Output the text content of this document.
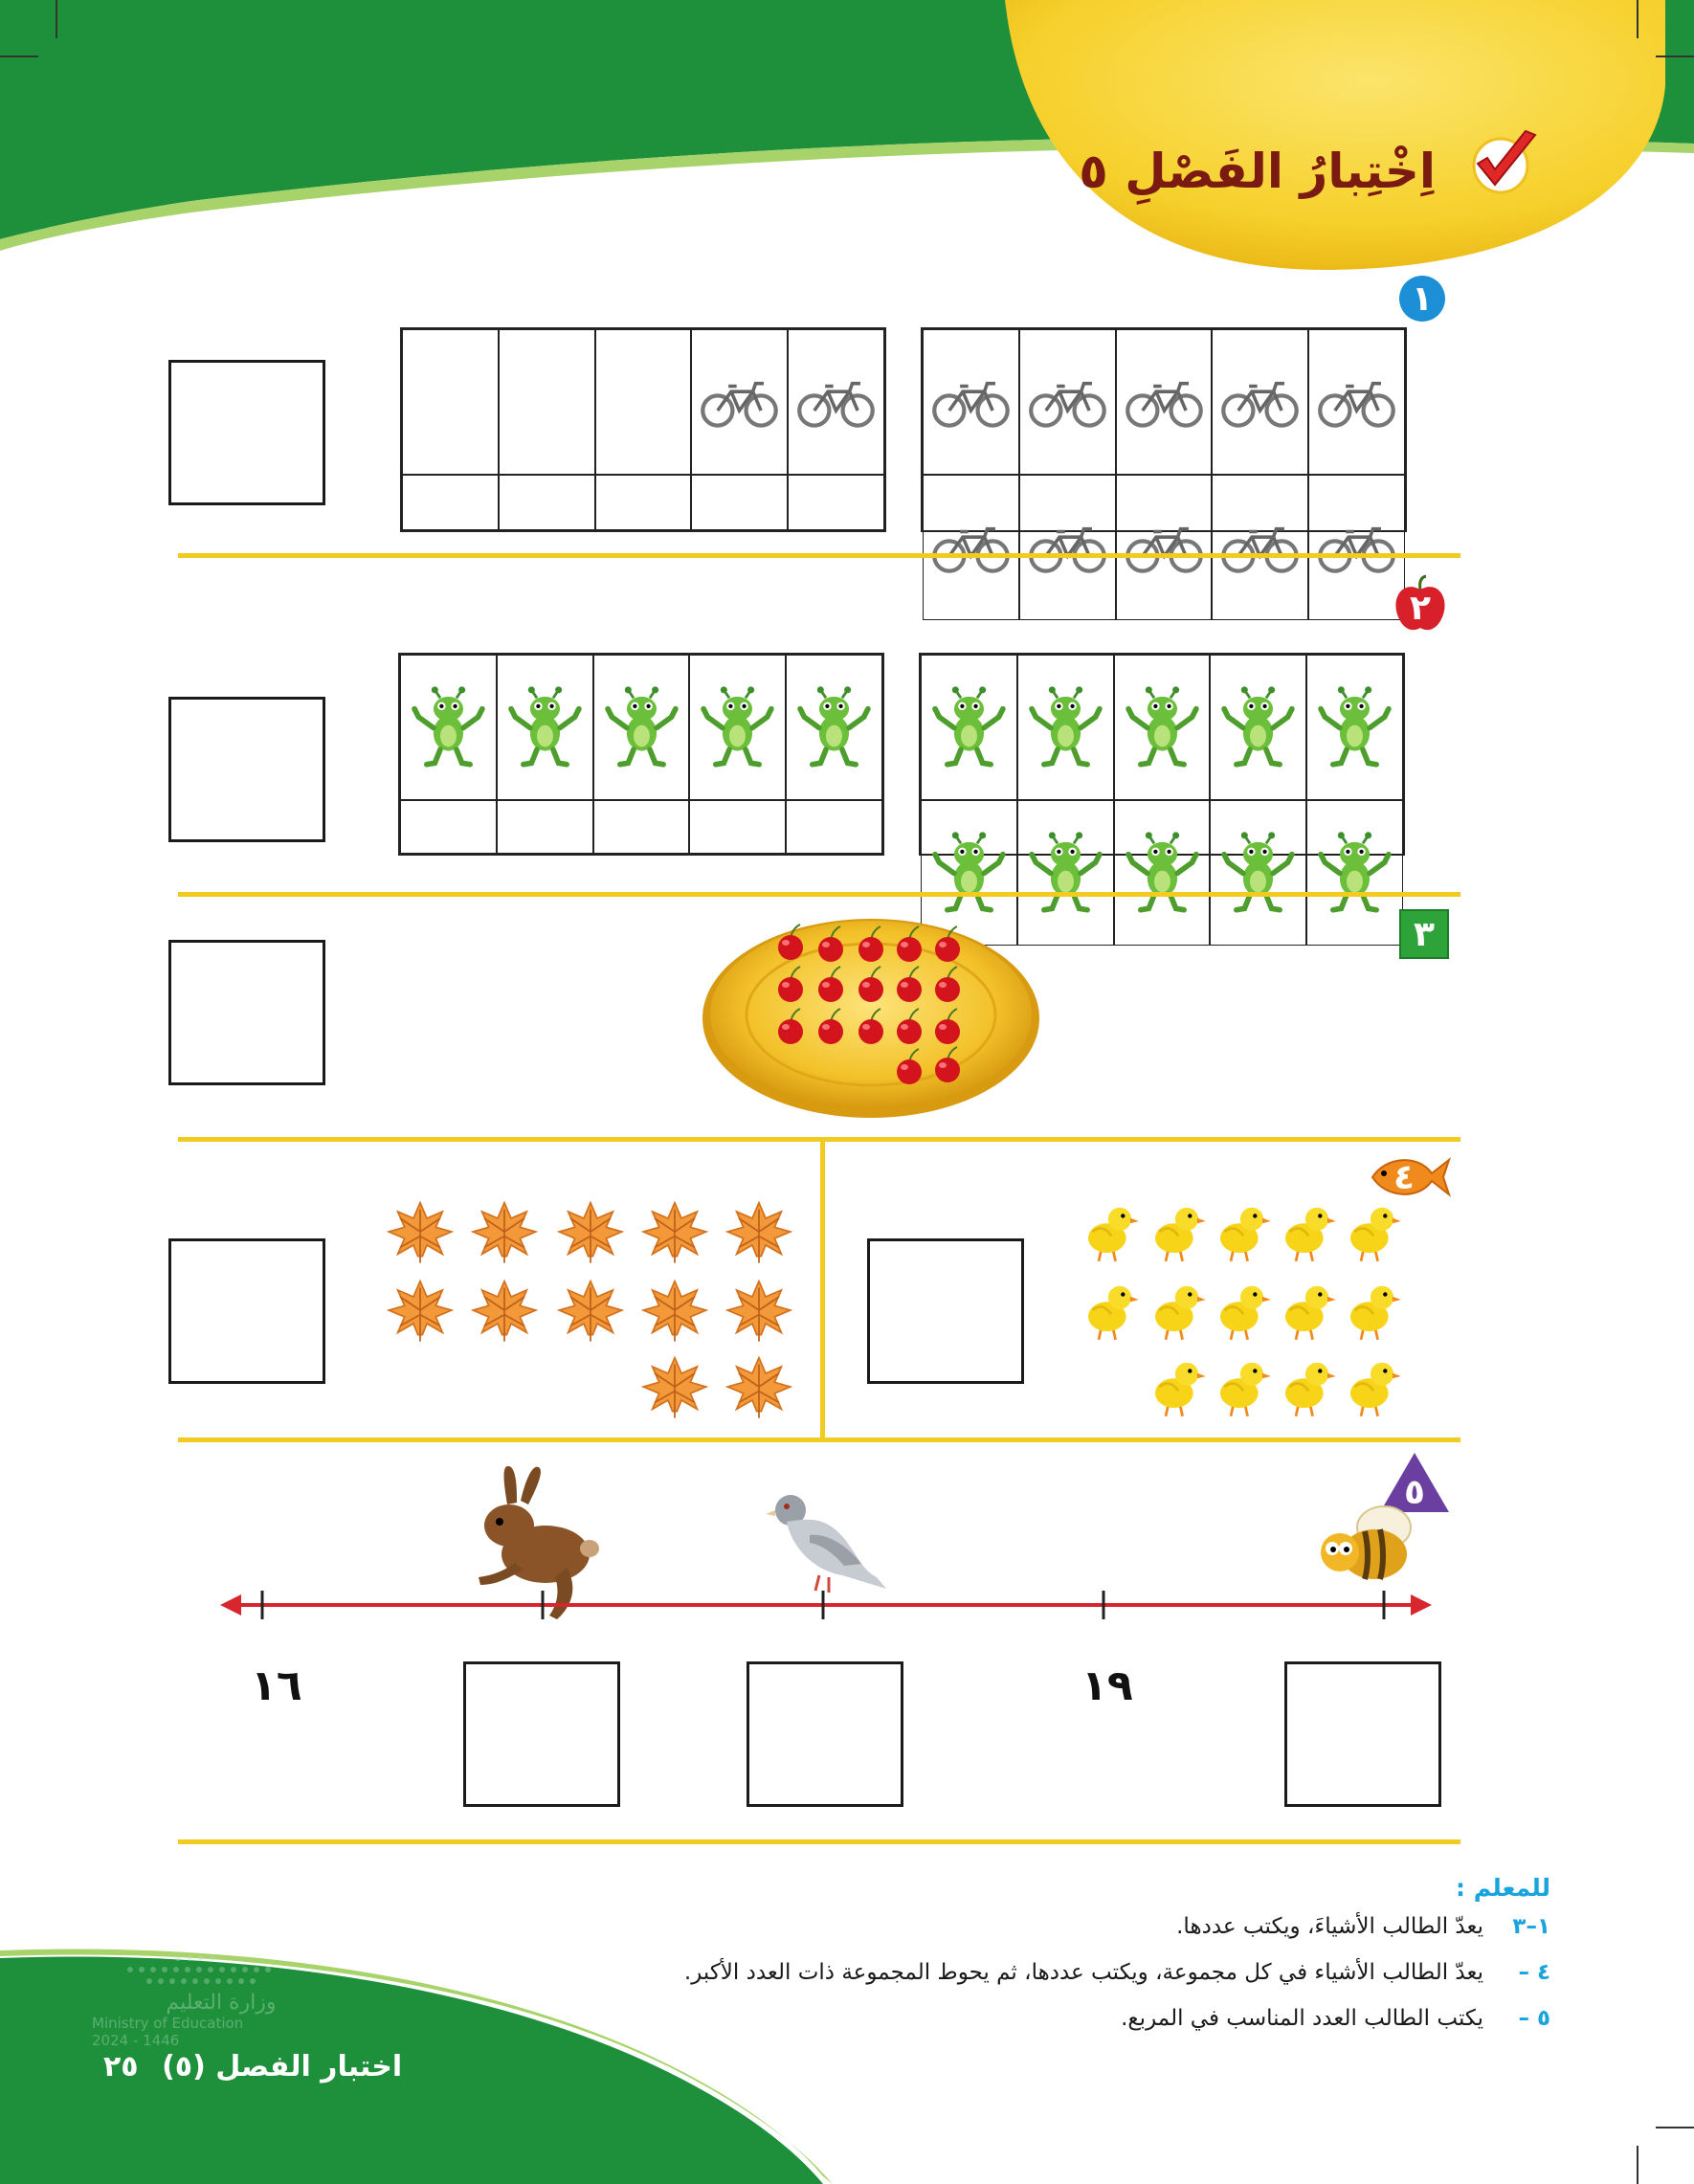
اِخْتِبارُ الفَصْلِ ٥
١
٢
٣
٤
٥
١٦	١٩
للمعلم :
١–٣يعدّ الطالب الأشياءَ، ويكتب عددها.
٤ –يعدّ الطالب الأشياء في كل مجموعة، ويكتب عددها، ثم يحوط المجموعة ذات العدد الأكبر.
٥ –يكتب الطالب العدد المناسب في المربع.
وزارة التعليم
Ministry of Education
2024 - 1446
اختبار الفصل (٥) ٢٥
